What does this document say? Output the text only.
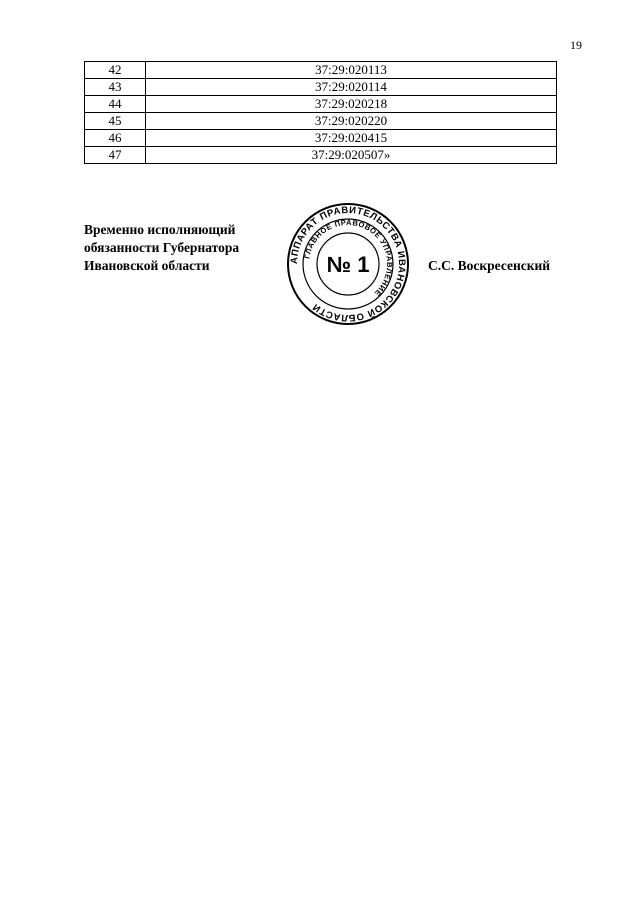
19
42	37:29:020113
43	37:29:020114
44	37:29:020218
45	37:29:020220
46	37:29:020415
47	37:29:020507»
Временно исполняющий
обязанности Губернатора
Ивановской области	АППАРАТ ПРАВИТЕЛЬСТВА ИВАНОВСКОЙ ОБЛАСТИ
ГЛАВНОЕ ПРАВОВОЕ УПРАВЛЕНИЕ
№ 1	С.С. Воскресенский
